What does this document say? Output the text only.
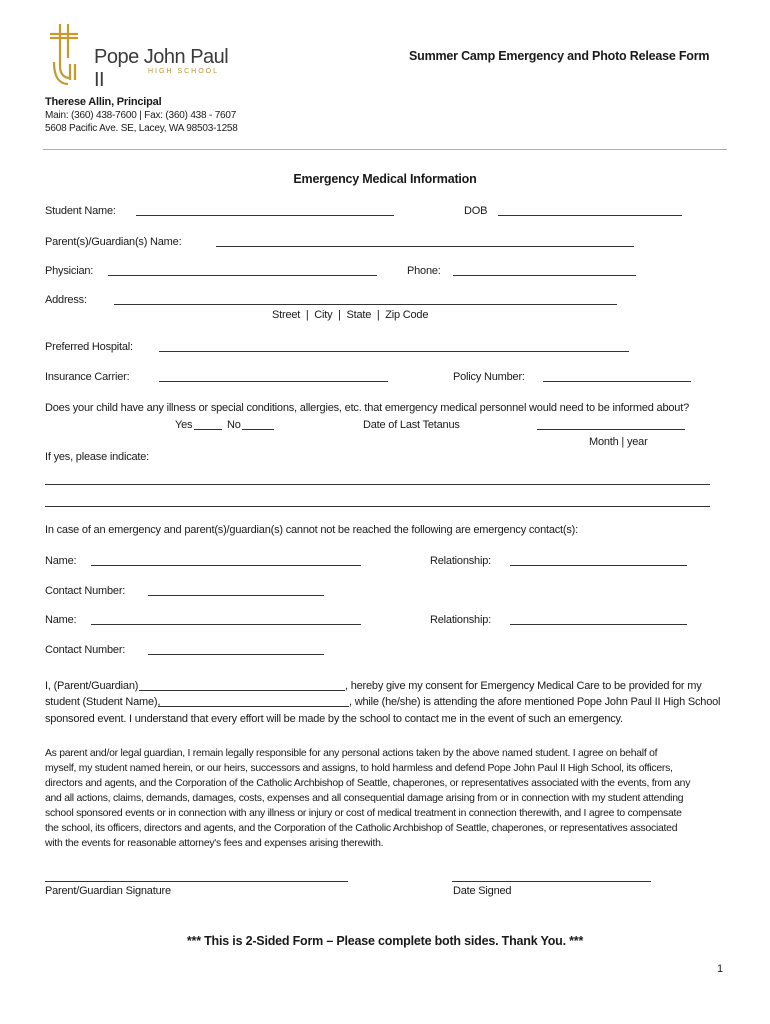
Pope John Paul II	HIGH SCHOOL
Summer Camp Emergency and Photo Release Form
Therese Allin, Principal
Main: (360) 438-7600 | Fax: (360) 438 - 7607
5608 Pacific Ave. SE, Lacey, WA 98503-1258
Emergency Medical Information
Student Name:	DOB
Parent(s)/Guardian(s) Name:
Physician:	Phone:
Address:
Street  |  City  |  State  |  Zip Code
Preferred Hospital:
Insurance Carrier:	Policy Number:
Does your child have any illness or special conditions, allergies, etc. that emergency medical personnel would need to be informed about?
Yes	No	Date of Last Tetanus
Month | year
If yes, please indicate:
In case of an emergency and parent(s)/guardian(s) cannot not be reached the following are emergency contact(s):
Name:	Relationship:
Contact Number:
Name:	Relationship:
Contact Number:
I, (Parent/Guardian)	, hereby give my consent for Emergency Medical Care to be provided for my
student (Student Name),	, while (he/she) is attending the afore mentioned Pope John Paul II High School
sponsored event. I understand that every effort will be made by the school to contact me in the event of such an emergency.
As parent and/or legal guardian, I remain legally responsible for any personal actions taken by the above named student. I agree on behalf of
myself, my student named herein, or our heirs, successors and assigns, to hold harmless and defend Pope John Paul II High School, its officers,
directors and agents, and the Corporation of the Catholic Archbishop of Seattle, chaperones, or representatives associated with the events, from any
and all actions, claims, demands, damages, costs, expenses and all consequential damage arising from or in connection with my student attending
school sponsored events or in connection with any illness or injury or cost of medical treatment in connection therewith, and I agree to compensate
the school, its officers, directors and agents, and the Corporation of the Catholic Archbishop of Seattle, chaperones, or representatives associated
with the events for reasonable attorney's fees and expenses arising therewith.
Parent/Guardian Signature	Date Signed
*** This is 2-Sided Form – Please complete both sides. Thank You. ***
1
